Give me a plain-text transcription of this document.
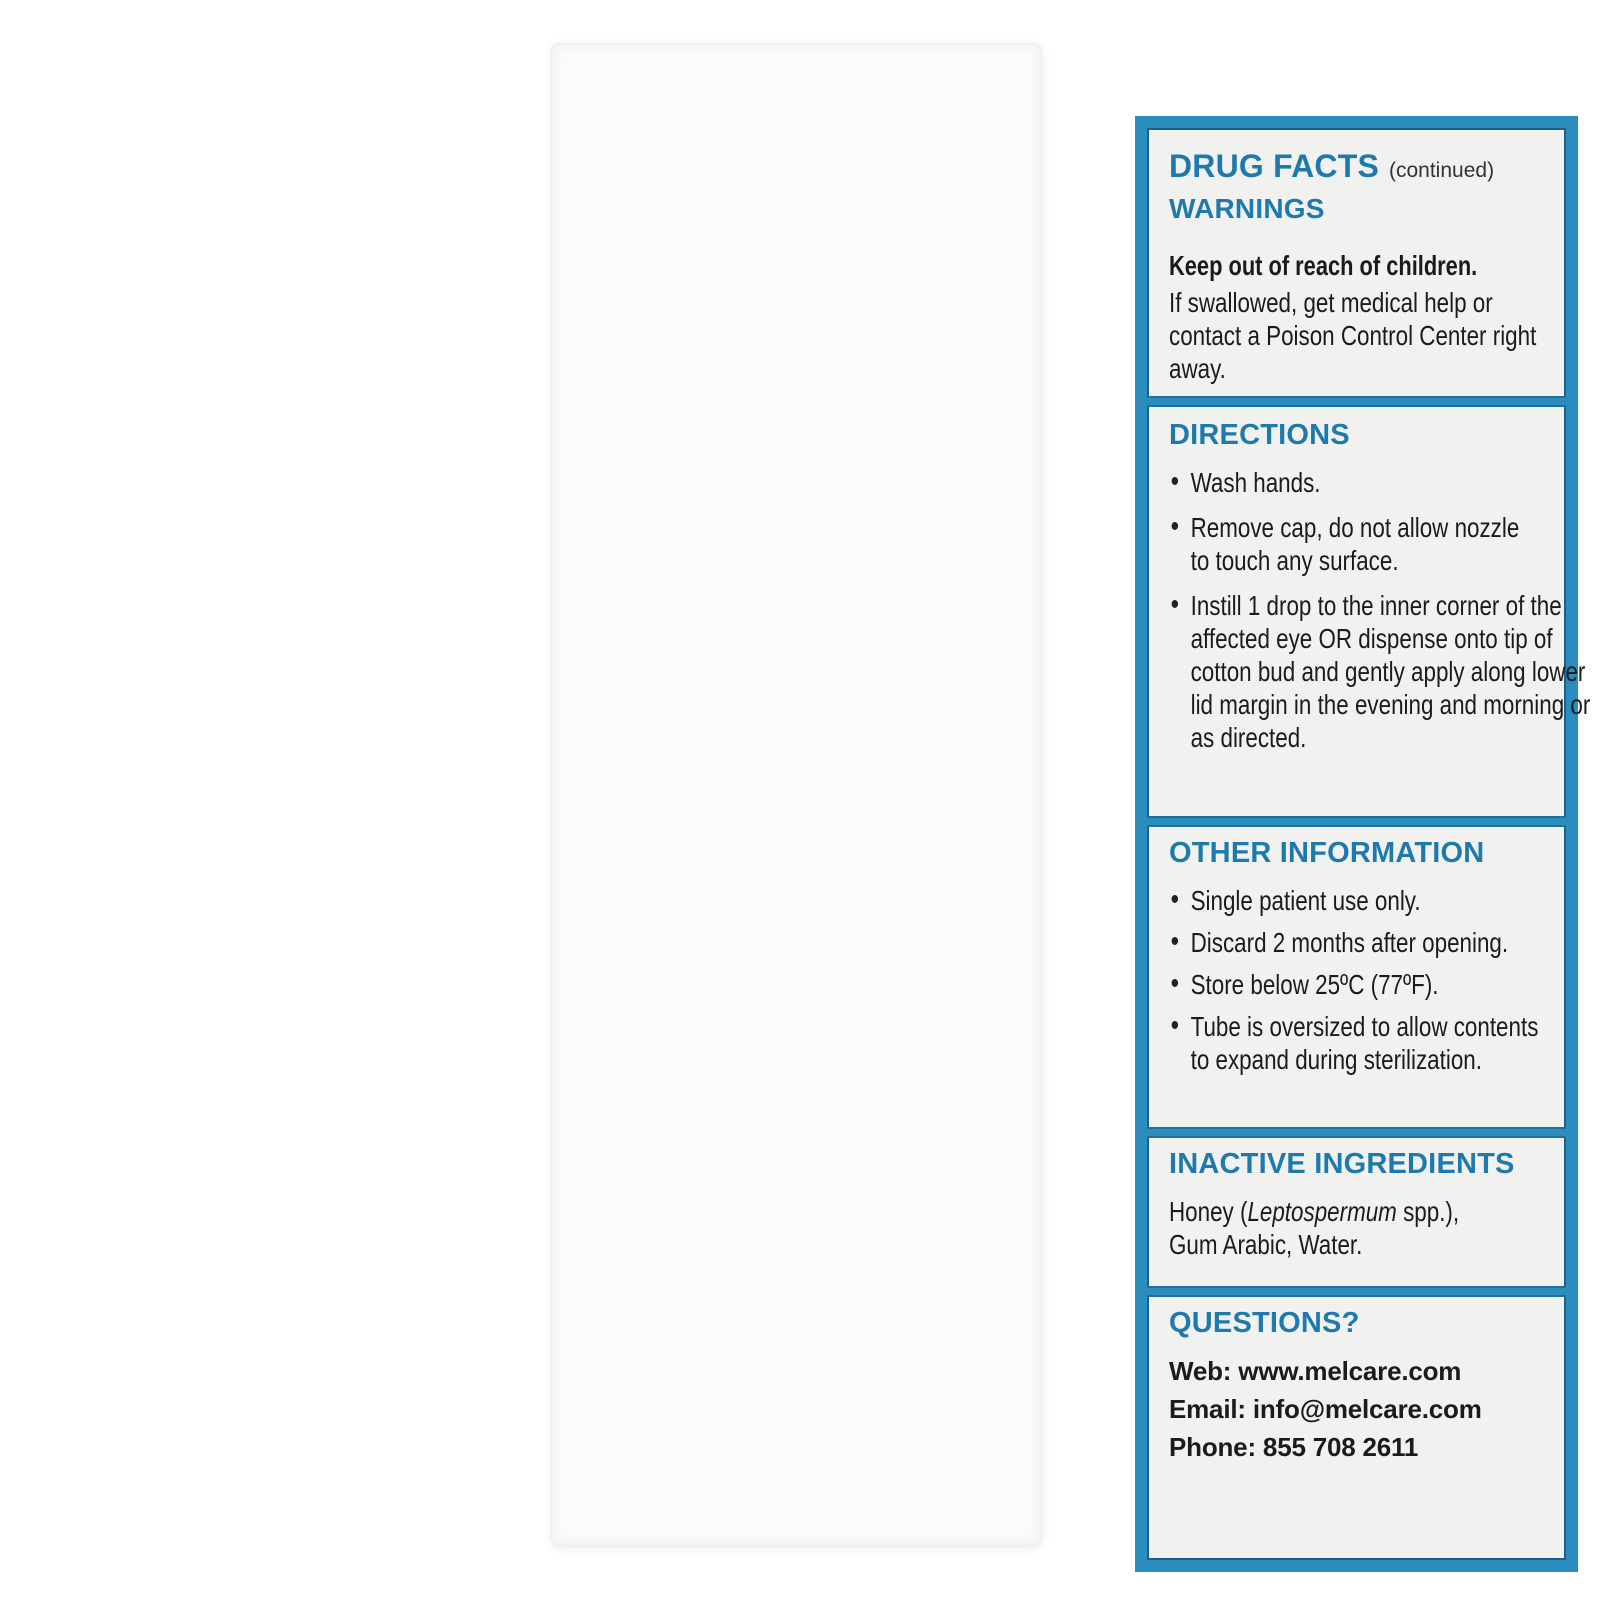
DRUG FACTS (continued)
WARNINGS
Keep out of reach of children.
If swallowed, get medical help or contact a Poison Control Center right away.
DIRECTIONS
• Wash hands.
• Remove cap, do not allow nozzle to touch any surface.
• Instill 1 drop to the inner corner of the affected eye OR dispense onto tip of cotton bud and gently apply along lower lid margin in the evening and morning or as directed.
OTHER INFORMATION
• Single patient use only.
• Discard 2 months after opening.
• Store below 25ºC (77ºF).
• Tube is oversized to allow contents to expand during sterilization.
INACTIVE INGREDIENTS
Honey (Leptospermum spp.), Gum Arabic, Water.
QUESTIONS?
Web: www.melcare.com
Email: info@melcare.com
Phone: 855 708 2611
